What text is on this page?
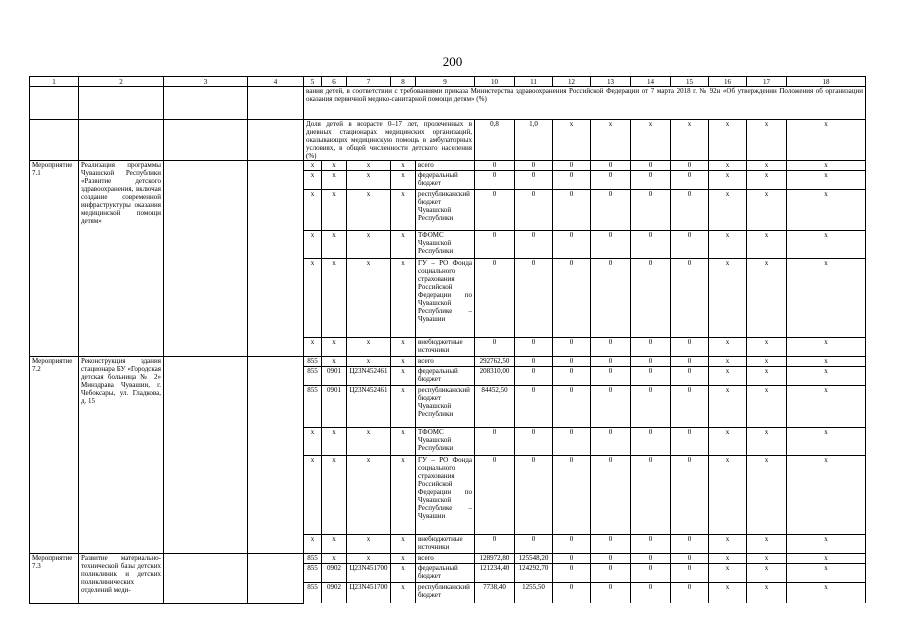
200
1	2	3	4	5	6	7	8	9	10	11	12	13	14	15	16	17	18
				вания детей, в соответствии с требованиями приказа Министерства здравоохранения Российской Федерации от 7 марта 2018 г. № 92н «Об утверждении Положения об организации оказания первичной медико-санитарной помощи детям» (%)													
				Доля детей в возрасте 0–17 лет, пролеченных в дневных стационарах медицинских организаций, оказывающих медицинскую помощь в амбулаторных условиях, в общей численности детского населения (%)					0,8	1,0	x	x	x	x	x	x	x
Мероприятие 7.1	Реализация программы Чувашской Республики «Развитие детского здравоохранения, включая создание современной инфраструктуры оказания медицинской помощи детям»			x	x	x	x	всего	0	0	0	0	0	0	x	x	x
				x	x	x	x	федеральный бюджет	0	0	0	0	0	0	x	x	x
				x	x	x	x	республиканский бюджет Чувашской Республики	0	0	0	0	0	0	x	x	x
				x	x	x	x	ТФОМС Чувашской Республики	0	0	0	0	0	0	x	x	x
				x	x	x	x	ГУ – РО Фонда социального страхования Российской Федерации по Чувашской Республике – Чувашии	0	0	0	0	0	0	x	x	x
				x	x	x	x	внебюджетные источники	0	0	0	0	0	0	x	x	x
Мероприятие 7.2	Реконструкция здания стационара БУ «Городская детская больница № 2» Минздрава Чувашии, г. Чебоксары, ул. Гладкова, д. 15			855	x	x	x	всего	292762,50	0	0	0	0	0	x	x	x
				855	0901	Ц23N452461	x	федеральный бюджет	208310,00	0	0	0	0	0	x	x	x
				855	0901	Ц23N452461	x	республиканский бюджет Чувашской Республики	84452,50	0	0	0	0	0	x	x	x
				x	x	x	x	ТФОМС Чувашской Республики	0	0	0	0	0	0	x	x	x
				x	x	x	x	ГУ – РО Фонда социального страхования Российской Федерации по Чувашской Республике – Чувашии	0	0	0	0	0	0	x	x	x
				x	x	x	x	внебюджетные источники	0	0	0	0	0	0	x	x	x
Мероприятие 7.3	Развитие материально-технической базы детских поликлиник и детских поликлинических отделений меди-			855	x	x	x	всего	128972,80	125548,20	0	0	0	0	x	x	x
				855	0902	Ц23N451700	x	федеральный бюджет	121234,40	124292,70	0	0	0	0	x	x	x
				855	0902	Ц23N451700	x	республиканский бюджет	7738,40	1255,50	0	0	0	0	x	x	x
